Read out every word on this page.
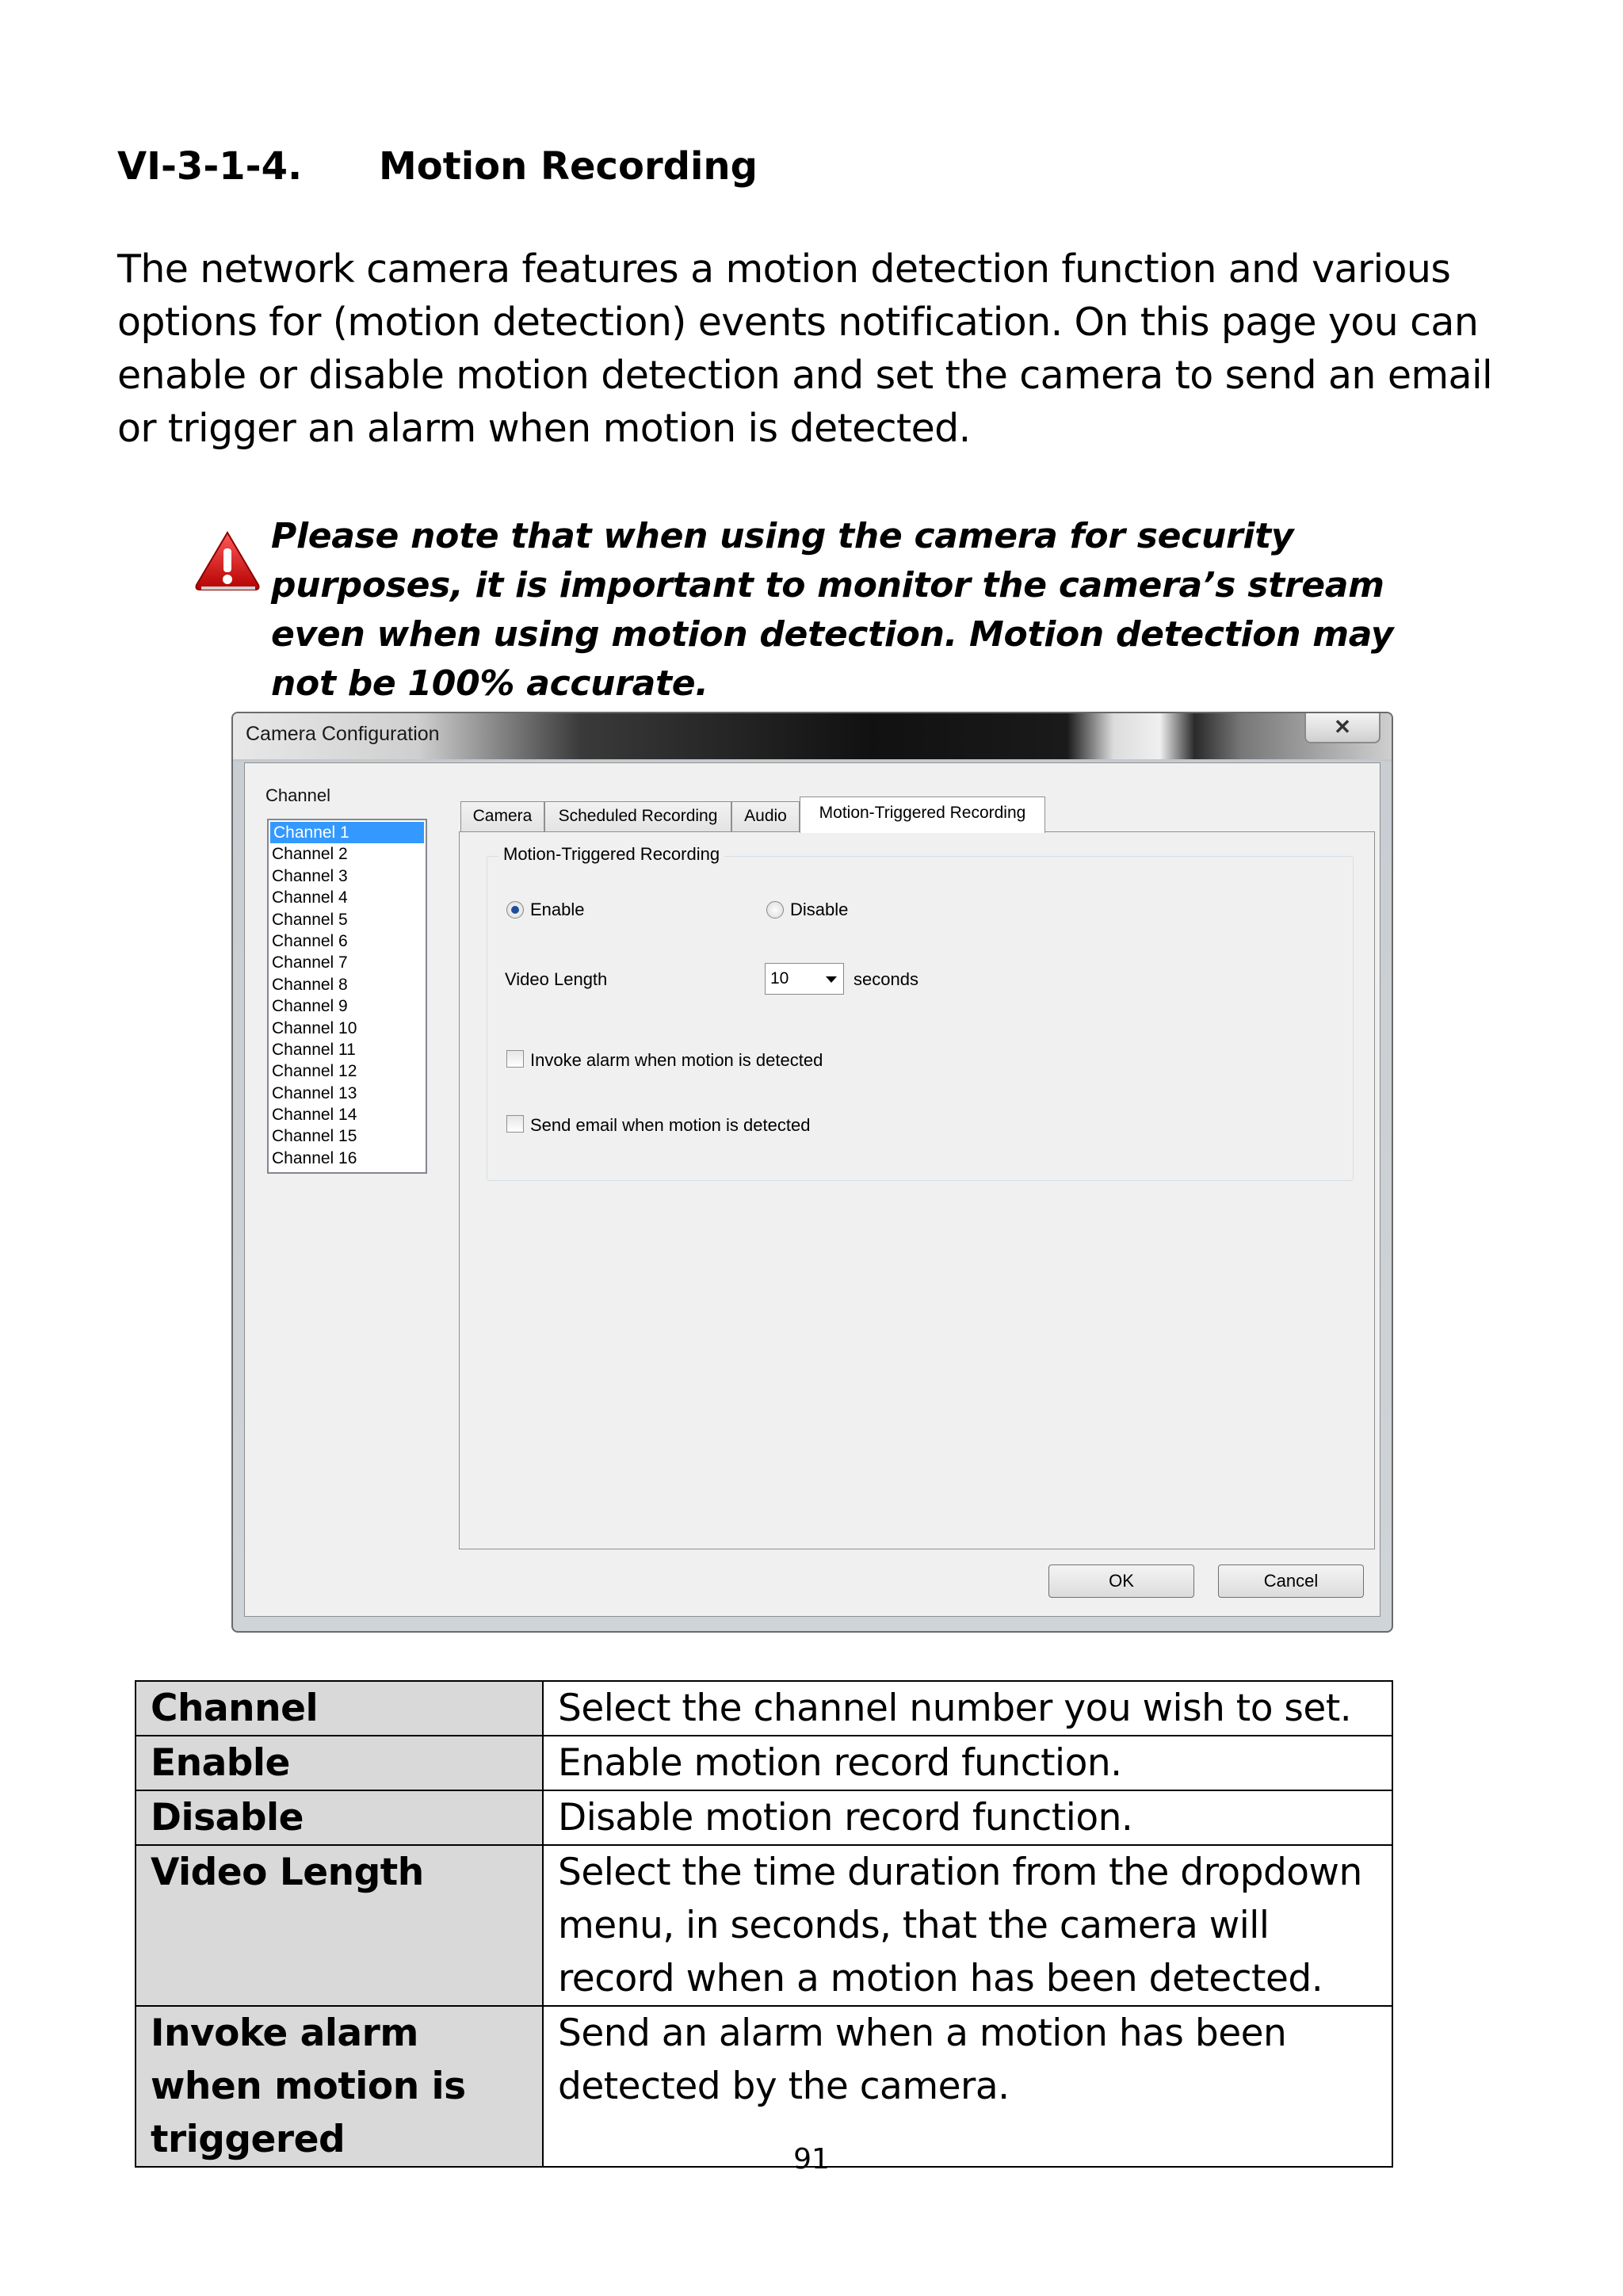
VI-3-1-4. Motion Recording

The network camera features a motion detection function and various options for (motion detection) events notification. On this page you can enable or disable motion detection and set the camera to send an email or trigger an alarm when motion is detected.

Please note that when using the camera for security purposes, it is important to monitor the camera’s stream even when using motion detection. Motion detection may not be 100% accurate.

Camera Configuration	✕
Channel
Channel 1
Channel 2
Channel 3
Channel 4
Channel 5
Channel 6
Channel 7
Channel 8
Channel 9
Channel 10
Channel 11
Channel 12
Channel 13
Channel 14
Channel 15
Channel 16
Camera	Scheduled Recording	Audio	Motion-Triggered Recording
Motion-Triggered Recording
Enable	Disable
Video Length	10	seconds
Invoke alarm when motion is detected
Send email when motion is detected
OK	Cancel
Channel	Select the channel number you wish to set.
Enable	Enable motion record function.
Disable	Disable motion record function.
Video Length	Select the time duration from the dropdown menu, in seconds, that the camera will record when a motion has been detected.
Invoke alarm when motion is triggered	Send an alarm when a motion has been detected by the camera.
91
